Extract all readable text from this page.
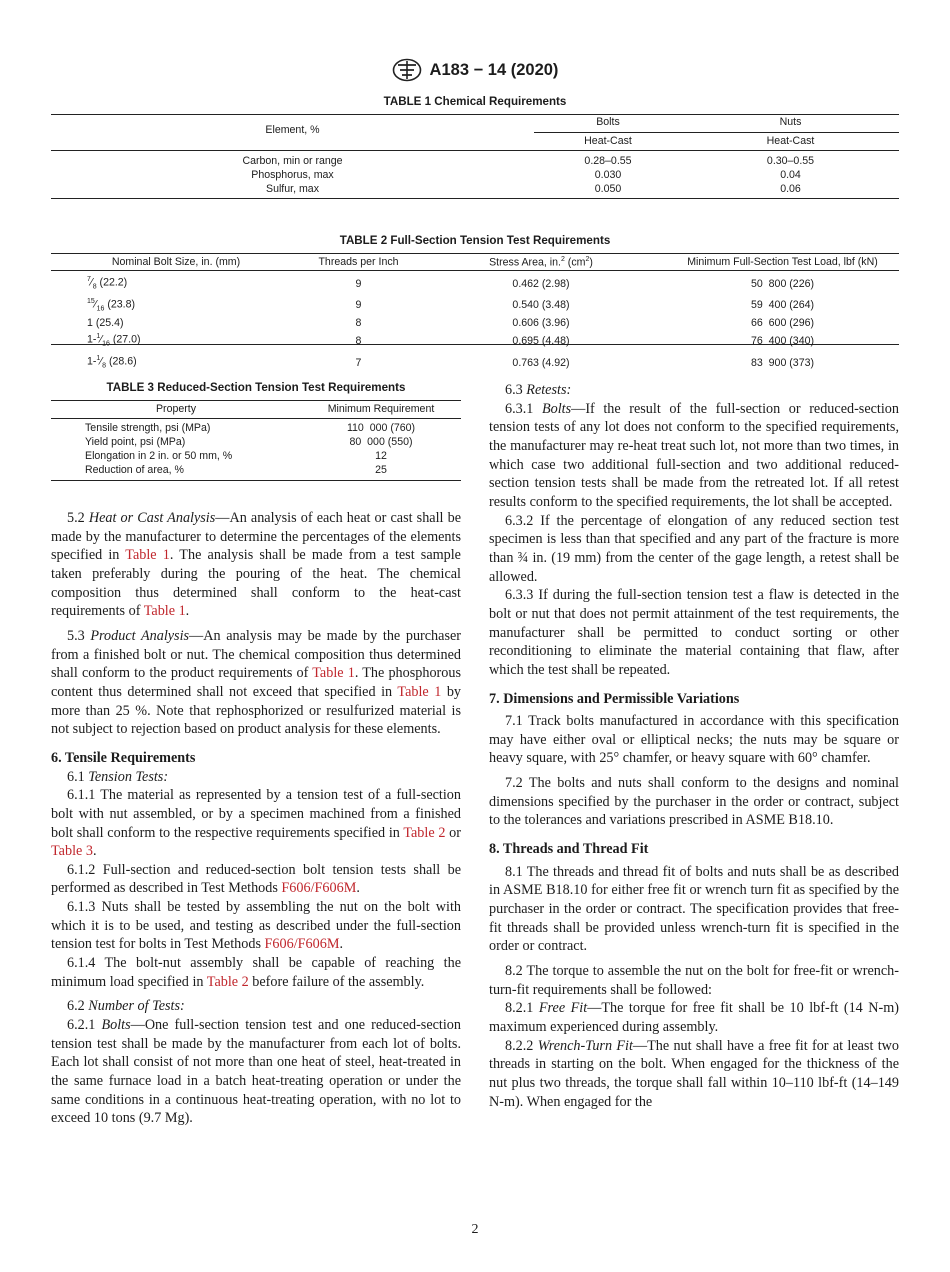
A183 − 14 (2020)
TABLE 1 Chemical Requirements
Element, %
Bolts	Nuts
Heat-Cast	Heat-Cast
Carbon, min or range	0.28–0.55	0.30–0.55
Phosphorus, max	0.030	0.04
Sulfur, max	0.050	0.06
TABLE 2 Full-Section Tension Test Requirements
Nominal Bolt Size, in. (mm)	Threads per Inch	Stress Area, in.$^2$ $(cm^2)$	Minimum Full-Section Test Load, lbf (kN)
$^7⁄_8$ (22.2)	9	0.462 (2.98)	50  800 (226)
$^{15}⁄_{16}$ (23.8)	9	0.540 (3.48)	59  400 (264)
1 (25.4)	8	0.606 (3.96)	66  600 (296)
$1-^1⁄_{16}$ (27.0)	8	0.695 (4.48)	76  400 (340)
$1-^1⁄_8$ (28.6)	7	0.763 (4.92)	83  900 (373)
TABLE 3 Reduced-Section Tension Test Requirements
Property	Minimum Requirement
Tensile strength, psi (MPa)	110  000 (760)
Yield point, psi (MPa)	80  000 (550)
Elongation in 2 in. or 50 mm, %	12
Reduction of area, %	25

5.2 Heat or Cast Analysis—An analysis of each heat or cast shall be made by the manufacturer to determine the percentages of the elements specified in Table 1. The analysis shall be made from a test sample taken preferably during the pouring of the heat. The chemical composition thus determined shall conform to the heat-cast requirements of Table 1.

5.3 Product Analysis—An analysis may be made by the purchaser from a finished bolt or nut. The chemical composition thus determined shall conform to the product requirements of Table 1. The phosphorous content thus determined shall not exceed that specified in Table 1 by more than 25 %. Note that rephosphorized or resulfurized material is not subject to rejection based on product analysis for these elements.

6. Tensile Requirements

6.1 Tension Tests:

6.1.1 The material as represented by a tension test of a full-section bolt with nut assembled, or by a specimen machined from a finished bolt shall conform to the respective requirements specified in Table 2 or Table 3.

6.1.2 Full-section and reduced-section bolt tension tests shall be performed as described in Test Methods F606/F606M.

6.1.3 Nuts shall be tested by assembling the nut on the bolt with which it is to be used, and testing as described under the full-section tension test for bolts in Test Methods F606/F606M.

6.1.4 The bolt-nut assembly shall be capable of reaching the minimum load specified in Table 2 before failure of the assembly.

6.2 Number of Tests:

6.2.1 Bolts—One full-section tension test and one reduced-section tension test shall be made by the manufacturer from each lot of bolts. Each lot shall consist of not more than one heat of steel, heat-treated in the same furnace load in a batch heat-treating operation or under the same conditions in a continuous heat-treating operation, with no lot to exceed 10 tons (9.7 Mg).

6.3 Retests:

6.3.1 Bolts—If the result of the full-section or reduced-section tension tests of any lot does not conform to the specified requirements, the manufacturer may re-heat treat such lot, not more than two times, in which case two additional full-section and two additional reduced-section tension tests shall be made from the retreated lot. If all retest results conform to the specified requirements, the lot shall be accepted.

6.3.2 If the percentage of elongation of any reduced section test specimen is less than that specified and any part of the fracture is more than ¾ in. (19 mm) from the center of the gage length, a retest shall be allowed.

6.3.3 If during the full-section tension test a flaw is detected in the bolt or nut that does not permit attainment of the test requirements, the manufacturer shall be permitted to conduct sorting or other reconditioning to eliminate the material containing that flaw, after which the test shall be repeated.

7. Dimensions and Permissible Variations

7.1 Track bolts manufactured in accordance with this specification may have either oval or elliptical necks; the nuts may be square or heavy square, with 25° chamfer, or heavy square with 60° chamfer.

7.2 The bolts and nuts shall conform to the designs and nominal dimensions specified by the purchaser in the order or contract, subject to the tolerances and variations prescribed in ASME B18.10.

8. Threads and Thread Fit

8.1 The threads and thread fit of bolts and nuts shall be as described in ASME B18.10 for either free fit or wrench turn fit as specified by the purchaser in the order or contract. The specification provides that free-fit threads shall be provided unless wrench-turn fit is specified in the order or contract.

8.2 The torque to assemble the nut on the bolt for free-fit or wrench-turn-fit requirements shall be followed:

8.2.1 Free Fit—The torque for free fit shall be 10 lbf-ft (14 N-m) maximum experienced during assembly.

8.2.2 Wrench-Turn Fit—The nut shall have a free fit for at least two threads in starting on the bolt. When engaged for the thickness of the nut plus two threads, the torque shall fall within 10–110 lbf-ft (14–149 N-m). When engaged for the

2
